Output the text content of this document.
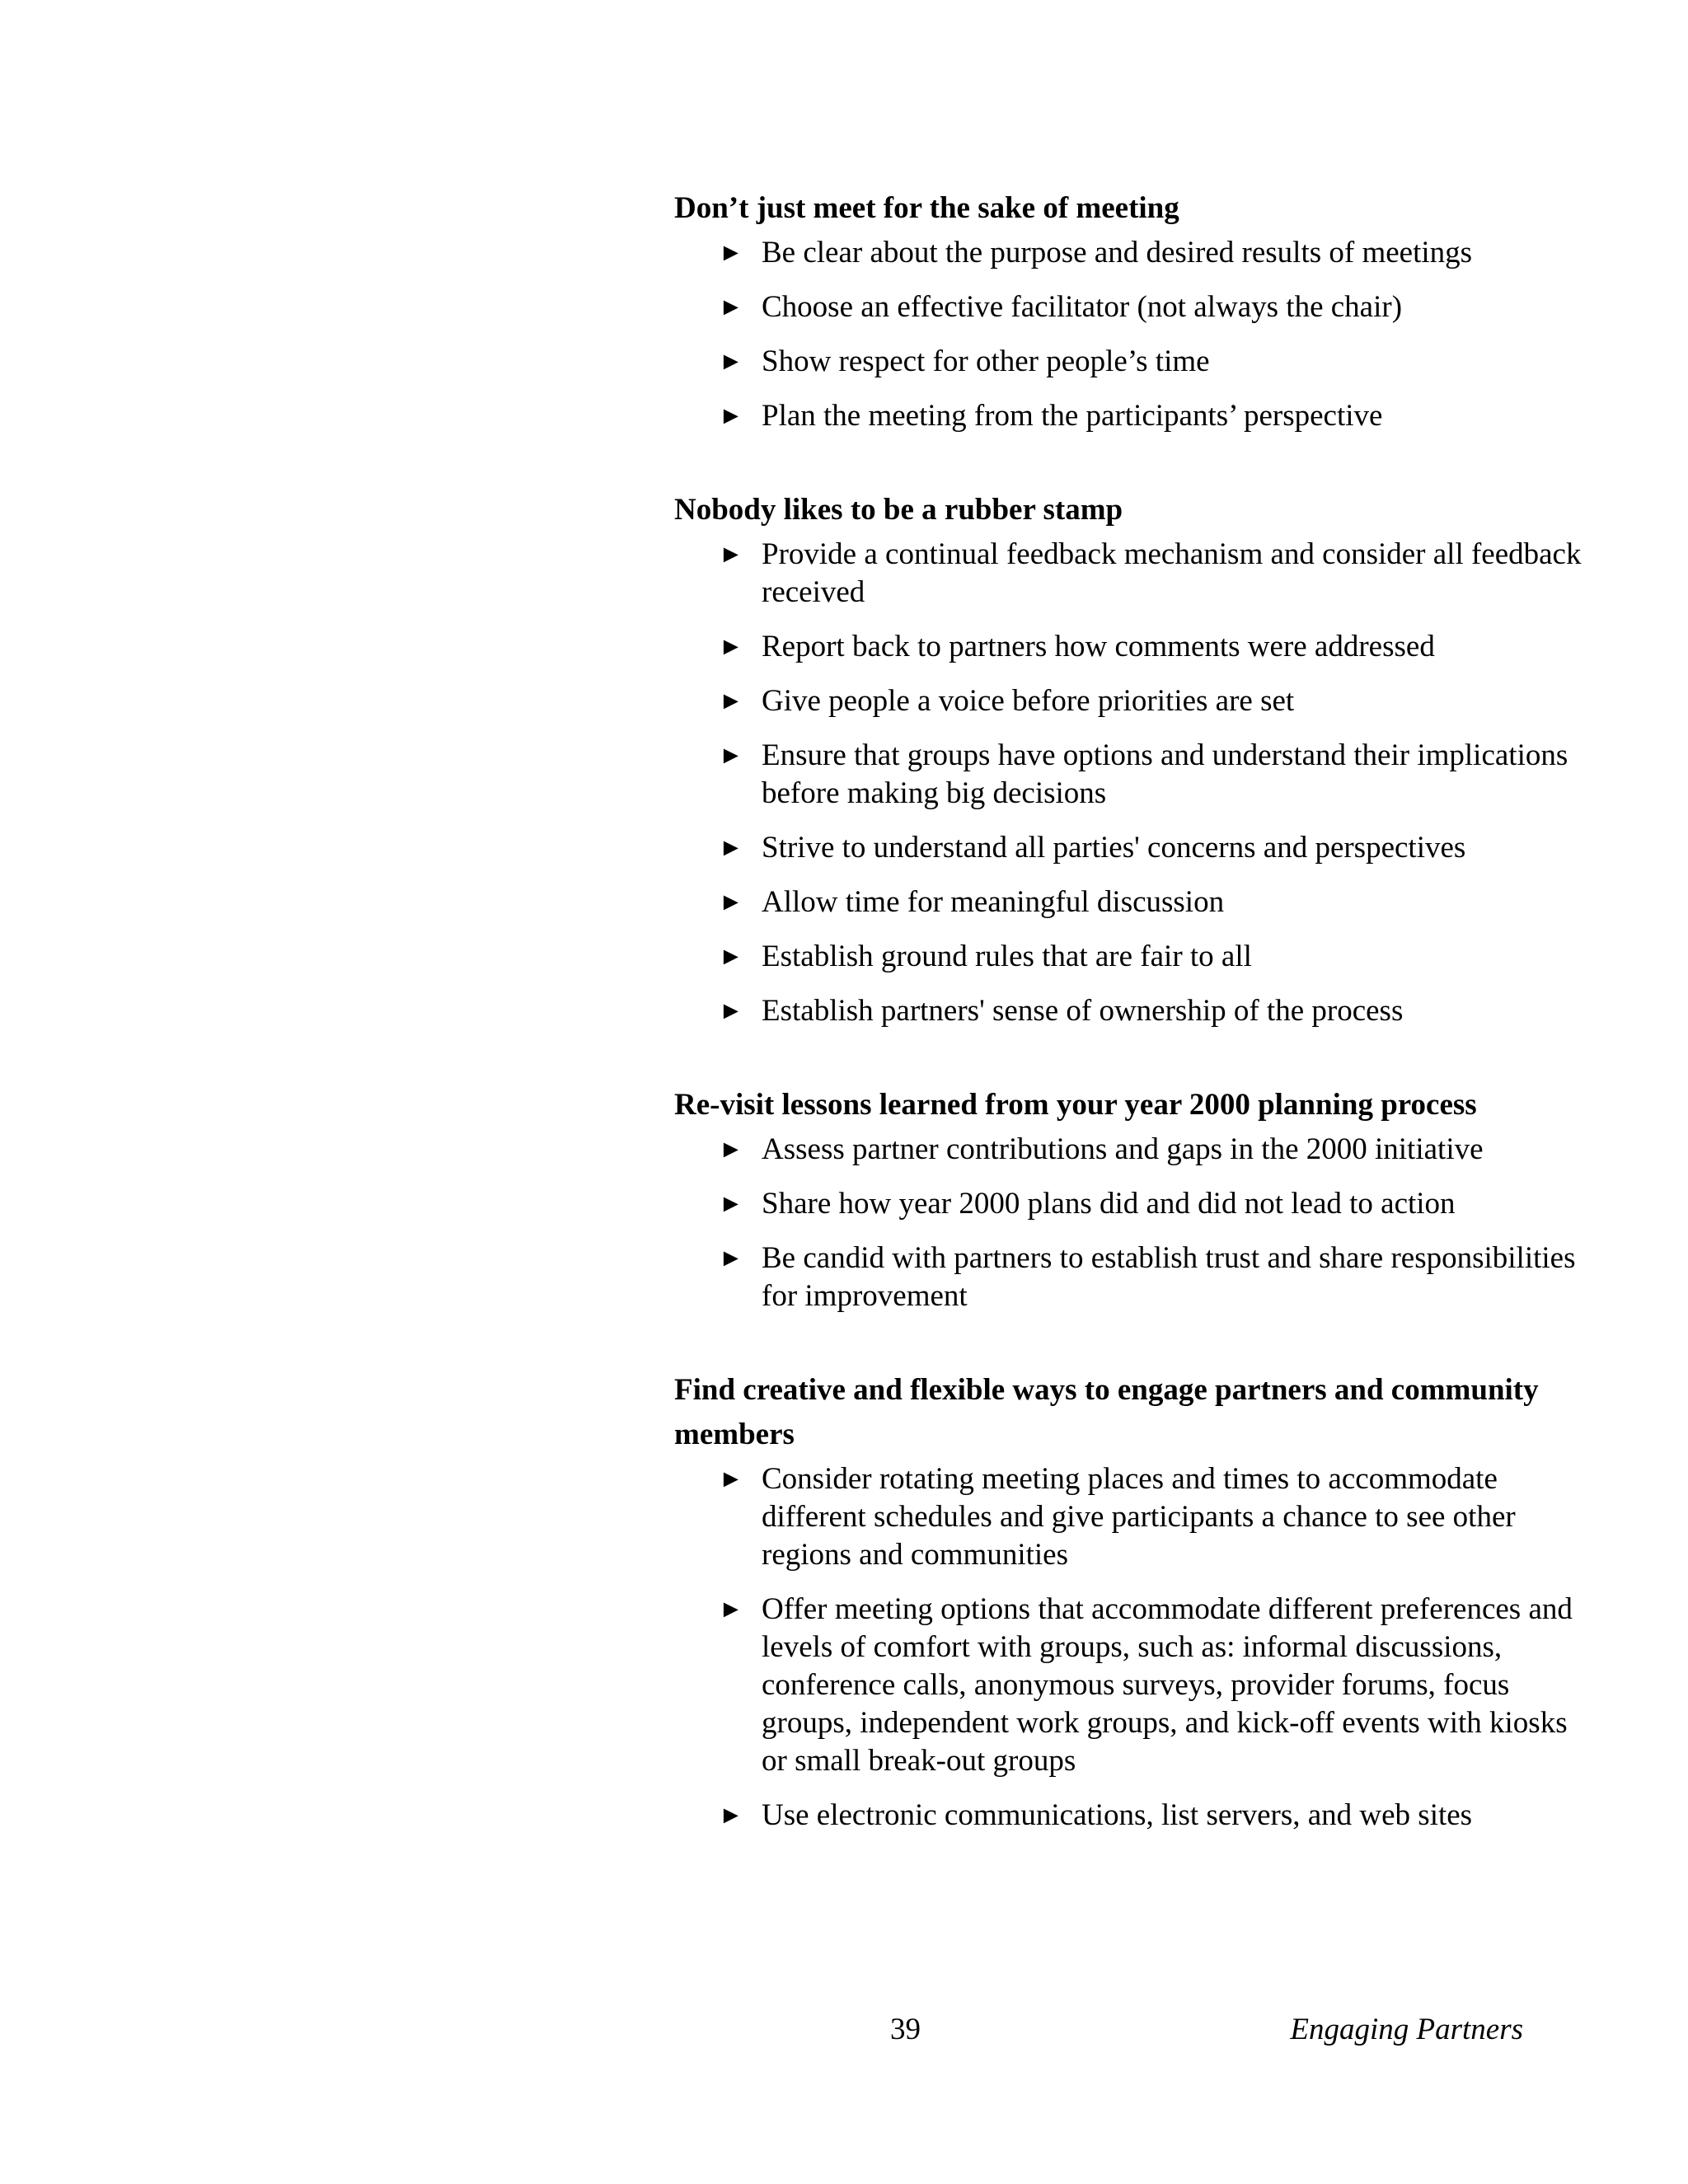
Don’t just meet for the sake of meeting
► Be clear about the purpose and desired results of meetings
► Choose an effective facilitator (not always the chair)
► Show respect for other people’s time
► Plan the meeting from the participants’ perspective
Nobody likes to be a rubber stamp
► Provide a continual feedback mechanism and consider all feedback received
► Report back to partners how comments were addressed
► Give people a voice before priorities are set
► Ensure that groups have options and understand their implications before making big decisions
► Strive to understand all parties' concerns and perspectives
► Allow time for meaningful discussion
► Establish ground rules that are fair to all
► Establish partners' sense of ownership of the process
Re-visit lessons learned from your year 2000 planning process
► Assess partner contributions and gaps in the 2000 initiative
► Share how year 2000 plans did and did not lead to action
► Be candid with partners to establish trust and share responsibilities for improvement
Find creative and flexible ways to engage partners and community members
► Consider rotating meeting places and times to accommodate different schedules and give participants a chance to see other regions and communities
► Offer meeting options that accommodate different preferences and levels of comfort with groups, such as: informal discussions, conference calls, anonymous surveys, provider forums, focus groups, independent work groups, and kick-off events with kiosks or small break-out groups
► Use electronic communications, list servers, and web sites
39	Engaging Partners
